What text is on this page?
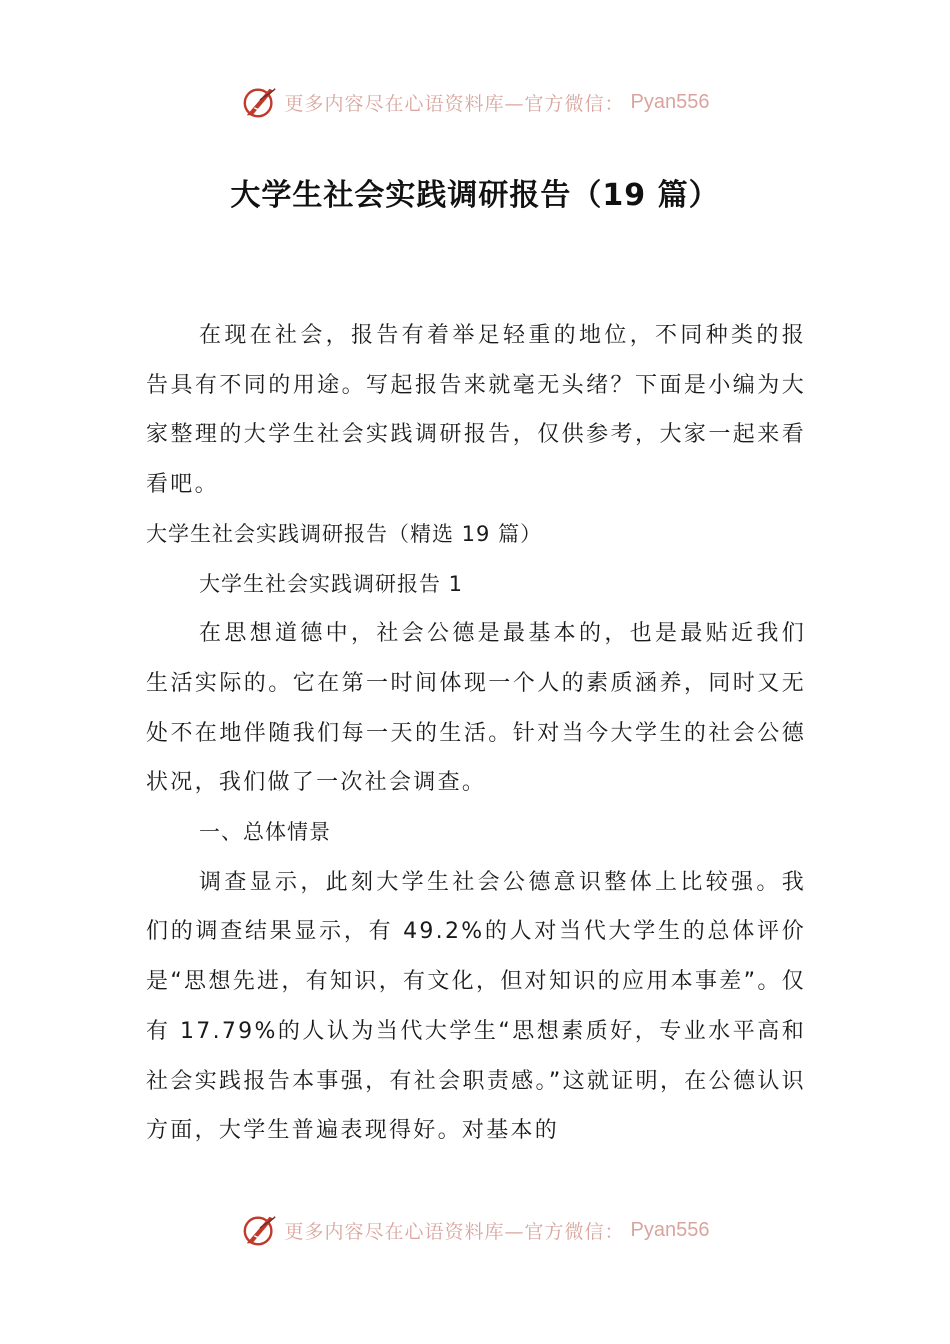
更多内容尽在心语资料库—官方微信： Pyan556
大学生社会实践调研报告（19 篇）

在现在社会，报告有着举足轻重的地位，不同种类的报告具有不同的用途。写起报告来就毫无头绪？下面是小编为大家整理的大学生社会实践调研报告，仅供参考，大家一起来看看吧。

大学生社会实践调研报告（精选 19 篇）

大学生社会实践调研报告 1

在思想道德中，社会公德是最基本的，也是最贴近我们生活实际的。它在第一时间体现一个人的素质涵养，同时又无处不在地伴随我们每一天的生活。针对当今大学生的社会公德状况，我们做了一次社会调查。

一、总体情景

调查显示，此刻大学生社会公德意识整体上比较强。我们的调查结果显示，有 49.2%的人对当代大学生的总体评价是“思想先进，有知识，有文化，但对知识的应用本事差”。仅有 17.79%的人认为当代大学生“思想素质好，专业水平高和社会实践报告本事强，有社会职责感。”这就证明，在公德认识方面，大学生普遍表现得好。对基本的

更多内容尽在心语资料库—官方微信： Pyan556
